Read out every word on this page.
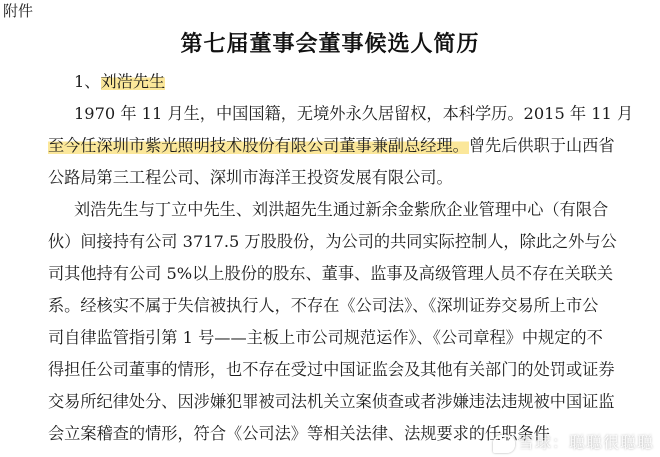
附件
第七届董事会董事候选人简历
1、刘浩先生
1970 年 11 月生，中国国籍，无境外永久居留权，本科学历。2015 年 11 月
至今任深圳市紫光照明技术股份有限公司董事兼副总经理。曾先后供职于山西省
公路局第三工程公司、深圳市海洋王投资发展有限公司。
刘浩先生与丁立中先生、刘洪超先生通过新余金紫欣企业管理中心（有限合
伙）间接持有公司 3717.5 万股股份，为公司的共同实际控制人，除此之外与公
司其他持有公司 5%以上股份的股东、董事、监事及高级管理人员不存在关联关
系。经核实不属于失信被执行人，不存在《公司法》、《深圳证券交易所上市公
司自律监管指引第 1 号——主板上市公司规范运作》、《公司章程》中规定的不
得担任公司董事的情形，也不存在受过中国证监会及其他有关部门的处罚或证券
交易所纪律处分、因涉嫌犯罪被司法机关立案侦查或者涉嫌违法违规被中国证监
会立案稽查的情形，符合《公司法》等相关法律、法规要求的任职条件
雪球：聪聪很聪聪
